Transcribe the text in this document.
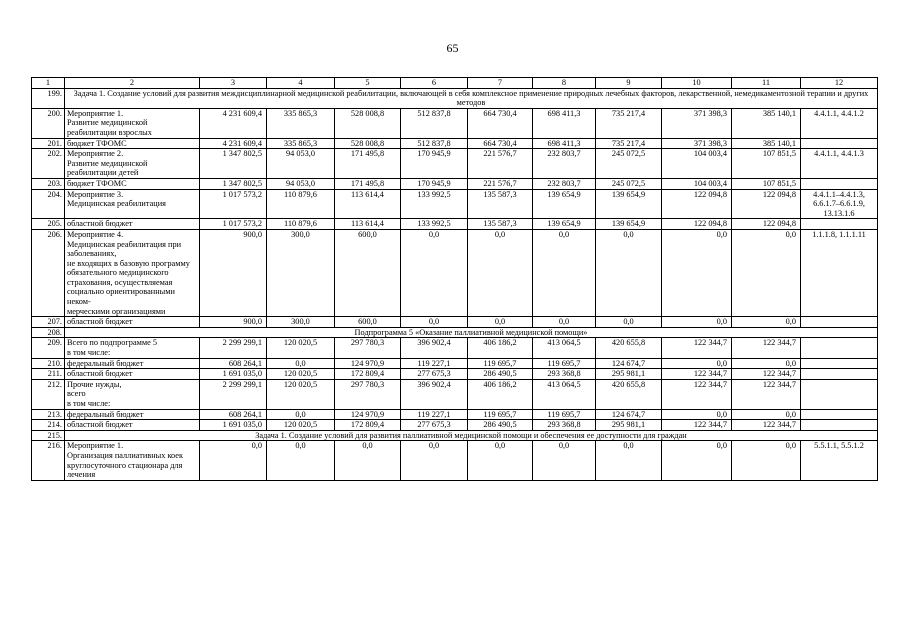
65
1	2	3	4	5	6	7	8	9	10	11	12
199.	Задача 1. Создание условий для развития междисциплинарной медицинской реабилитации, включающей в себя комплексное применение природных лечебных факторов, лекарственной, немедикаментозной терапии и других методов										
200.	Мероприятие 1.
Развитие медицинской реабилитации взрослых	4 231 609,4	335 865,3	528 008,8	512 837,8	664 730,4	698 411,3	735 217,4	371 398,3	385 140,1	4.4.1.1, 4.4.1.2
201.	бюджет ТФОМС	4 231 609,4	335 865,3	528 008,8	512 837,8	664 730,4	698 411,3	735 217,4	371 398,3	385 140,1	
202.	Мероприятие 2.
Развитие медицинской реабилитации детей	1 347 802,5	94 053,0	171 495,8	170 945,9	221 576,7	232 803,7	245 072,5	104 003,4	107 851,5	4.4.1.1, 4.4.1.3
203.	бюджет ТФОМС	1 347 802,5	94 053,0	171 495,8	170 945,9	221 576,7	232 803,7	245 072,5	104 003,4	107 851,5	
204.	Мероприятие 3.
Медицинская реабилитация	1 017 573,2	110 879,6	113 614,4	133 992,5	135 587,3	139 654,9	139 654,9	122 094,8	122 094,8	4.4.1.1–4.4.1.3, 6.6.1.7–6.6.1.9, 13.13.1.6
205.	областной бюджет	1 017 573,2	110 879,6	113 614,4	133 992,5	135 587,3	139 654,9	139 654,9	122 094,8	122 094,8	
206.	Мероприятие 4.
Медицинская реабилитация при заболеваниях,
не входящих в базовую программу обязательного медицинского страхования, осуществляемая социально ориентированными неком-
мерческими организациями	900,0	300,0	600,0	0,0	0,0	0,0	0,0	0,0	0,0	1.1.1.8, 1.1.1.11
207.	областной бюджет	900,0	300,0	600,0	0,0	0,0	0,0	0,0	0,0	0,0	
208.	Подпрограмма 5 «Оказание паллиативной медицинской помощи»										
209.	Всего по подпрограмме 5
в том числе:	2 299 299,1	120 020,5	297 780,3	396 902,4	406 186,2	413 064,5	420 655,8	122 344,7	122 344,7	
210.	федеральный бюджет	608 264,1	0,0	124 970,9	119 227,1	119 695,7	119 695,7	124 674,7	0,0	0,0	
211.	областной бюджет	1 691 035,0	120 020,5	172 809,4	277 675,3	286 490,5	293 368,8	295 981,1	122 344,7	122 344,7	
212.	Прочие нужды,
всего
в том числе:	2 299 299,1	120 020,5	297 780,3	396 902,4	406 186,2	413 064,5	420 655,8	122 344,7	122 344,7	
213.	федеральный бюджет	608 264,1	0,0	124 970,9	119 227,1	119 695,7	119 695,7	124 674,7	0,0	0,0	
214.	областной бюджет	1 691 035,0	120 020,5	172 809,4	277 675,3	286 490,5	293 368,8	295 981,1	122 344,7	122 344,7	
215.	Задача 1. Создание условий для развития паллиативной медицинской помощи и обеспечения ее доступности для граждан										
216.	Мероприятие 1.
Организация паллиативных коек круглосуточного стационара для лечения	0,0	0,0	0,0	0,0	0,0	0,0	0,0	0,0	0,0	5.5.1.1, 5.5.1.2
